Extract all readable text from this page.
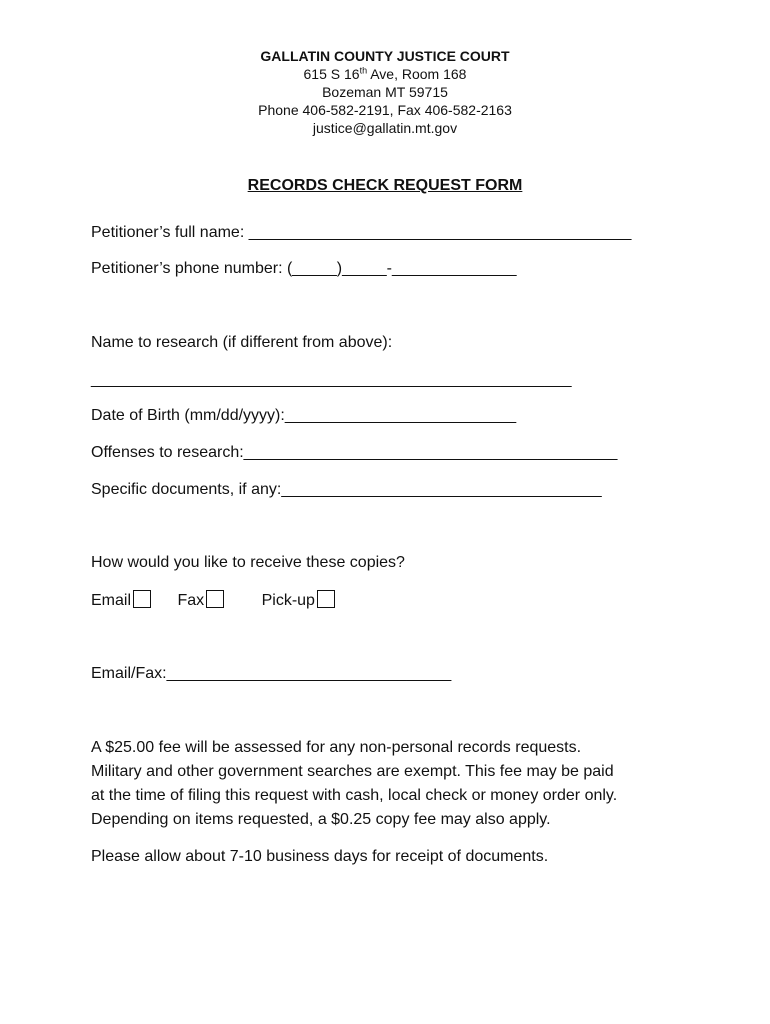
GALLATIN COUNTY JUSTICE COURT
615 S 16th Ave, Room 168
Bozeman MT 59715
Phone 406-582-2191, Fax 406-582-2163
justice@gallatin.mt.gov
RECORDS CHECK REQUEST FORM
Petitioner’s full name: ___________________________________________
Petitioner’s phone number: (_____)_____-______________
Name to research (if different from above):
______________________________________________________
Date of Birth (mm/dd/yyyy):__________________________
Offenses to research:__________________________________________
Specific documents, if any:____________________________________
How would you like to receive these copies?
Email	Fax	Pick-up
Email/Fax:________________________________
A $25.00 fee will be assessed for any non-personal records requests.
Military and other government searches are exempt. This fee may be paid
at the time of filing this request with cash, local check or money order only.
Depending on items requested, a $0.25 copy fee may also apply.
Please allow about 7-10 business days for receipt of documents.
